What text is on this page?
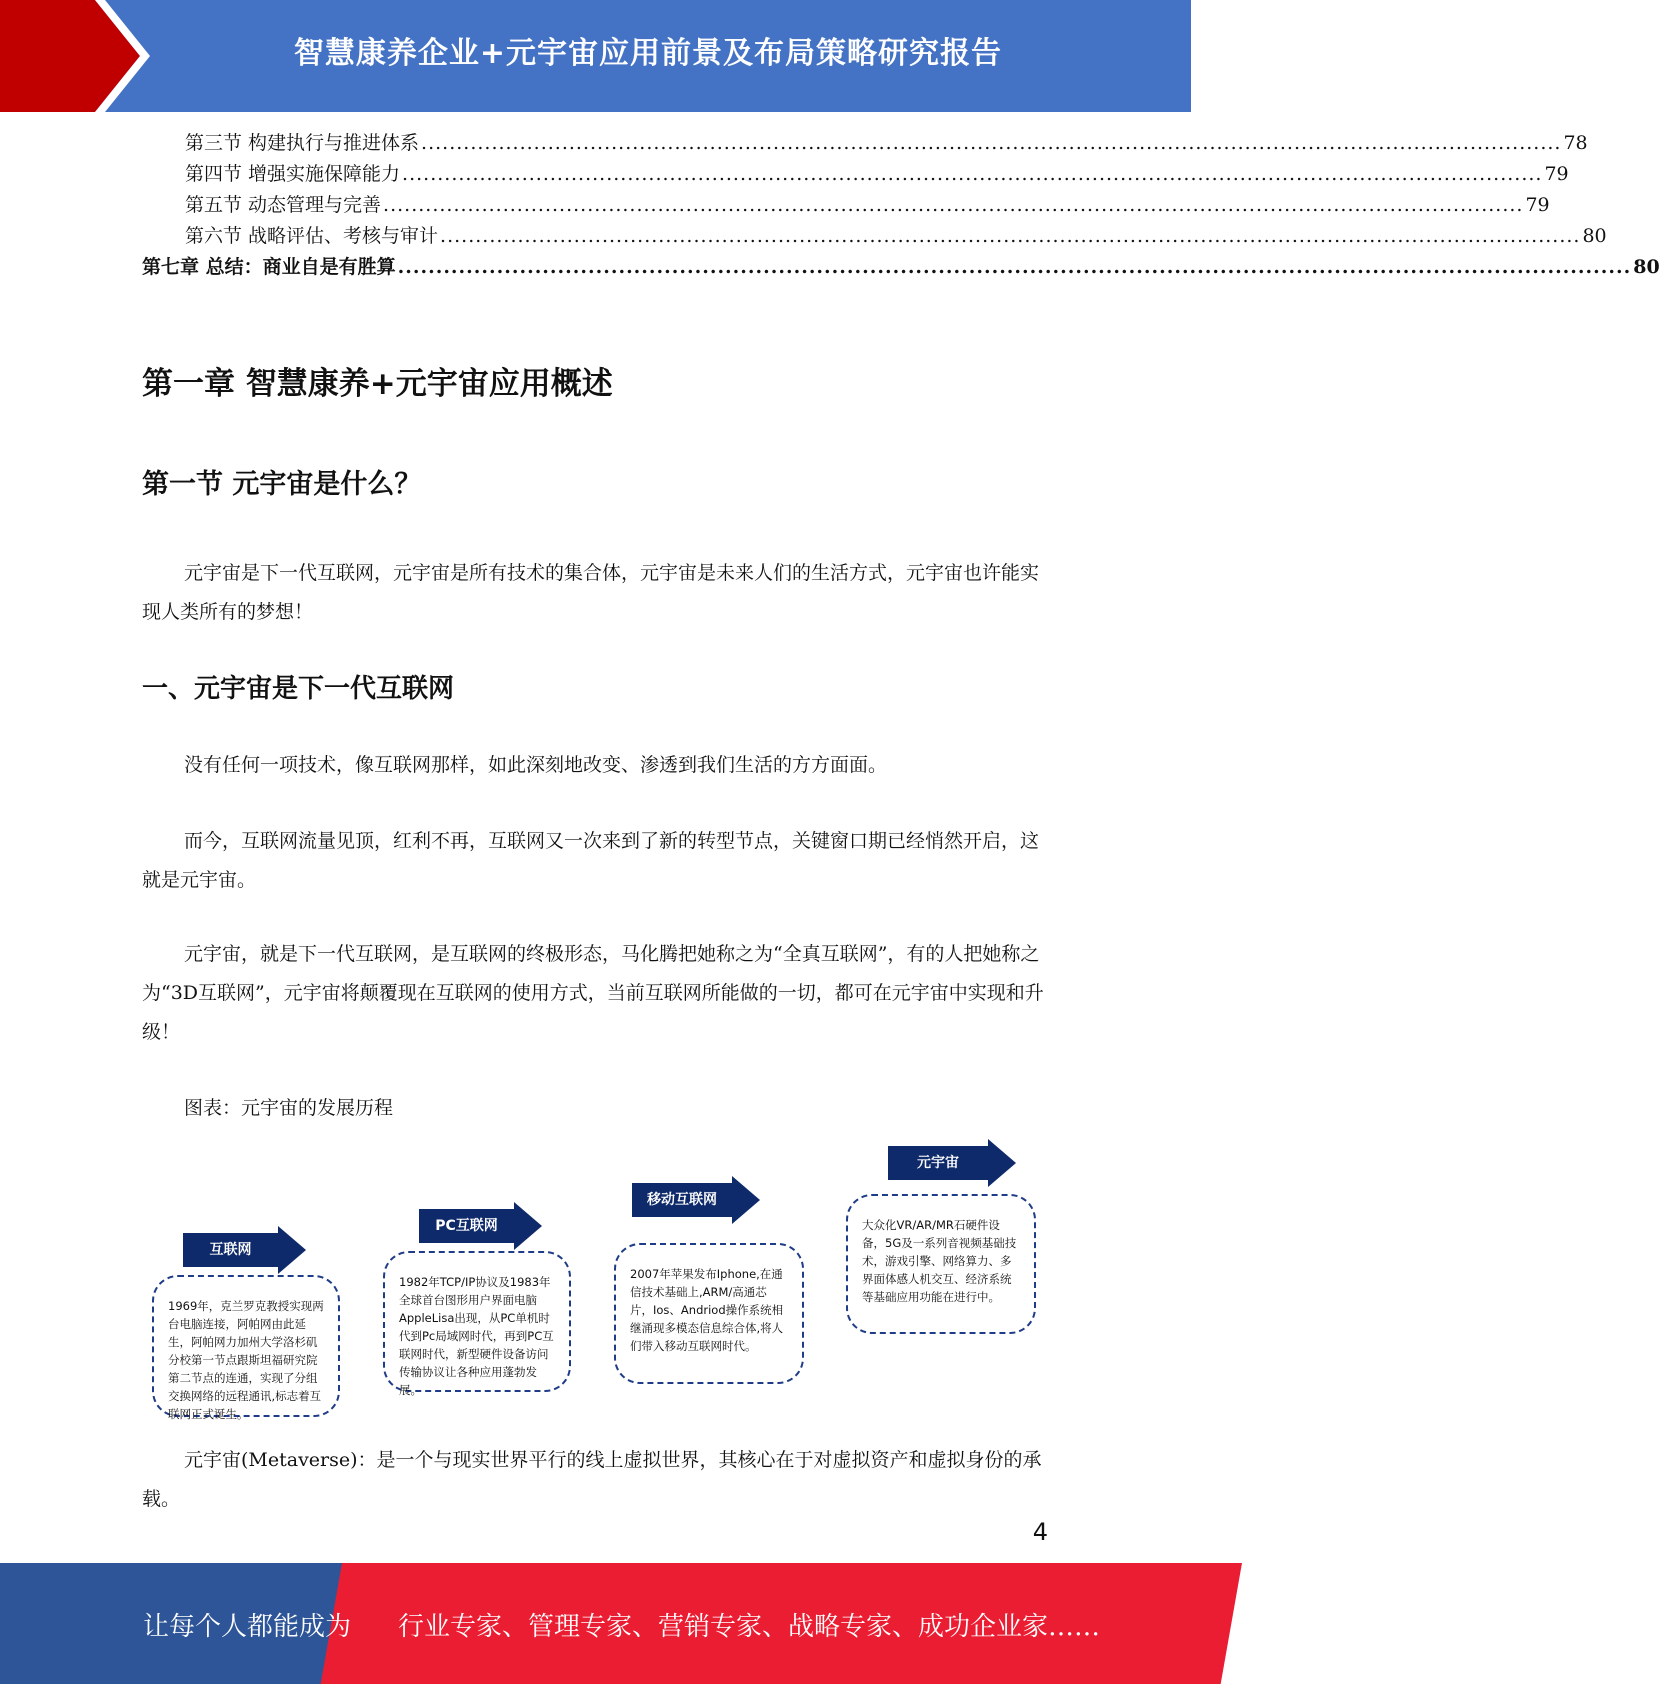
智慧康养企业+元宇宙应用前景及布局策略研究报告
第三节 构建执行与推进体系 .................................................................................................................................................................. 78
第四节 增强实施保障能力 .................................................................................................................................................................. 79
第五节 动态管理与完善 .................................................................................................................................................................. 79
第六节 战略评估、考核与审计 .................................................................................................................................................................. 80
第七章 总结：商业自是有胜算 .................................................................................................................................................................. 80
第一章 智慧康养+元宇宙应用概述
第一节 元宇宙是什么？
元宇宙是下一代互联网，元宇宙是所有技术的集合体，元宇宙是未来人们的生活方式，元宇宙也许能实现人类所有的梦想！
一、元宇宙是下一代互联网
没有任何一项技术，像互联网那样，如此深刻地改变、渗透到我们生活的方方面面。
而今，互联网流量见顶，红利不再，互联网又一次来到了新的转型节点，关键窗口期已经悄然开启，这就是元宇宙。
元宇宙，就是下一代互联网，是互联网的终极形态，马化腾把她称之为“全真互联网”，有的人把她称之为“3D互联网”，元宇宙将颠覆现在互联网的使用方式，当前互联网所能做的一切，都可在元宇宙中实现和升级！
图表：元宇宙的发展历程
互联网
1969年，克兰罗克教授实现两台电脑连接，阿帕网由此延生，阿帕网力加州大学洛杉矶分校第一节点跟斯坦福研究院第二节点的连通，实现了分组交换网络的远程通讯,标志着互联网正式诞生。
PC互联网
1982年TCP/IP协议及1983年全球首台图形用户界面电脑AppleLisa出现，从PC单机时代到Pc局域网时代，再到PC互联网时代，新型硬件设备访问传输协议让各种应用蓬勃发展。
移动互联网
2007年苹果发布Iphone,在通信技术基础上,ARM/高通芯片，Ios、Andriod操作系统相继涌现多模态信息综合体,将人们带入移动互联网时代。
元宇宙
大众化VR/AR/MR石硬件设备，5G及一系列音视频基础技术，游戏引擎、网络算力、多界面体感人机交互、经济系统等基础应用功能在进行中。
元宇宙(Metaverse)：是一个与现实世界平行的线上虚拟世界，其核心在于对虚拟资产和虚拟身份的承载。
4
让每个人都能成为 行业专家、管理专家、营销专家、战略专家、成功企业家……
